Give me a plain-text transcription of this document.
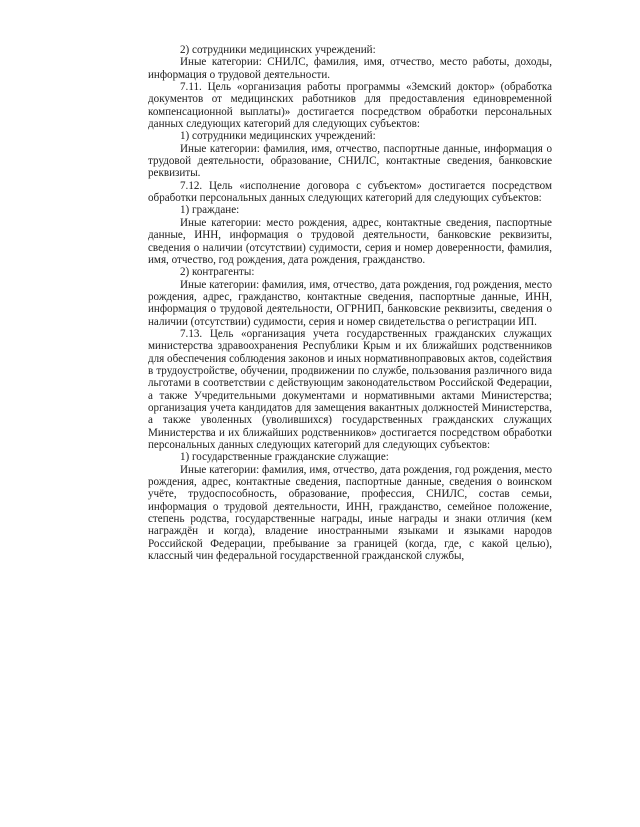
2) сотрудники медицинских учреждений:

Иные категории: СНИЛС, фамилия, имя, отчество, место работы, доходы, информация о трудовой деятельности.

7.11. Цель «организация работы программы «Земский доктор» (обработка документов от медицинских работников для предоставления единовременной компенсационной выплаты)» достигается посредством обработки персональных данных следующих категорий для следующих субъектов:

1) сотрудники медицинских учреждений:

Иные категории: фамилия, имя, отчество, паспортные данные, информация о трудовой деятельности, образование, СНИЛС, контактные сведения, банковские реквизиты.

7.12. Цель «исполнение договора с субъектом» достигается посредством обработки персональных данных следующих категорий для следующих субъектов:

1) граждане:

Иные категории: место рождения, адрес, контактные сведения, паспортные данные, ИНН, информация о трудовой деятельности, банковские реквизиты, сведения о наличии (отсутствии) судимости, серия и номер доверенности, фамилия, имя, отчество, год рождения, дата рождения, гражданство.

2) контрагенты:

Иные категории: фамилия, имя, отчество, дата рождения, год рождения, место рождения, адрес, гражданство, контактные сведения, паспортные данные, ИНН, информация о трудовой деятельности, ОГРНИП, банковские реквизиты, сведения о наличии (отсутствии) судимости, серия и номер свидетельства о регистрации ИП.

7.13. Цель «организация учета государственных гражданских служащих министерства здравоохранения Республики Крым и их ближайших родственников для обеспечения соблюдения законов и иных нормативноправовых актов, содействия в трудоустройстве, обучении, продвижении по службе, пользования различного вида льготами в соответствии с действующим законодательством Российской Федерации, а также Учредительными документами и нормативными актами Министерства; организация учета кандидатов для замещения вакантных должностей Министерства, а также уволенных (уволившихся) государственных гражданских служащих Министерства и их ближайших родственников» достигается посредством обработки персональных данных следующих категорий для следующих субъектов:

1) государственные гражданские служащие:

Иные категории: фамилия, имя, отчество, дата рождения, год рождения, место рождения, адрес, контактные сведения, паспортные данные, сведения о воинском учёте, трудоспособность, образование, профессия, СНИЛС, состав семьи, информация о трудовой деятельности, ИНН, гражданство, семейное положение, степень родства, государственные награды, иные награды и знаки отличия (кем награждён и когда), владение иностранными языками и языками народов Российской Федерации, пребывание за границей (когда, где, с какой целью), классный чин федеральной государственной гражданской службы,
